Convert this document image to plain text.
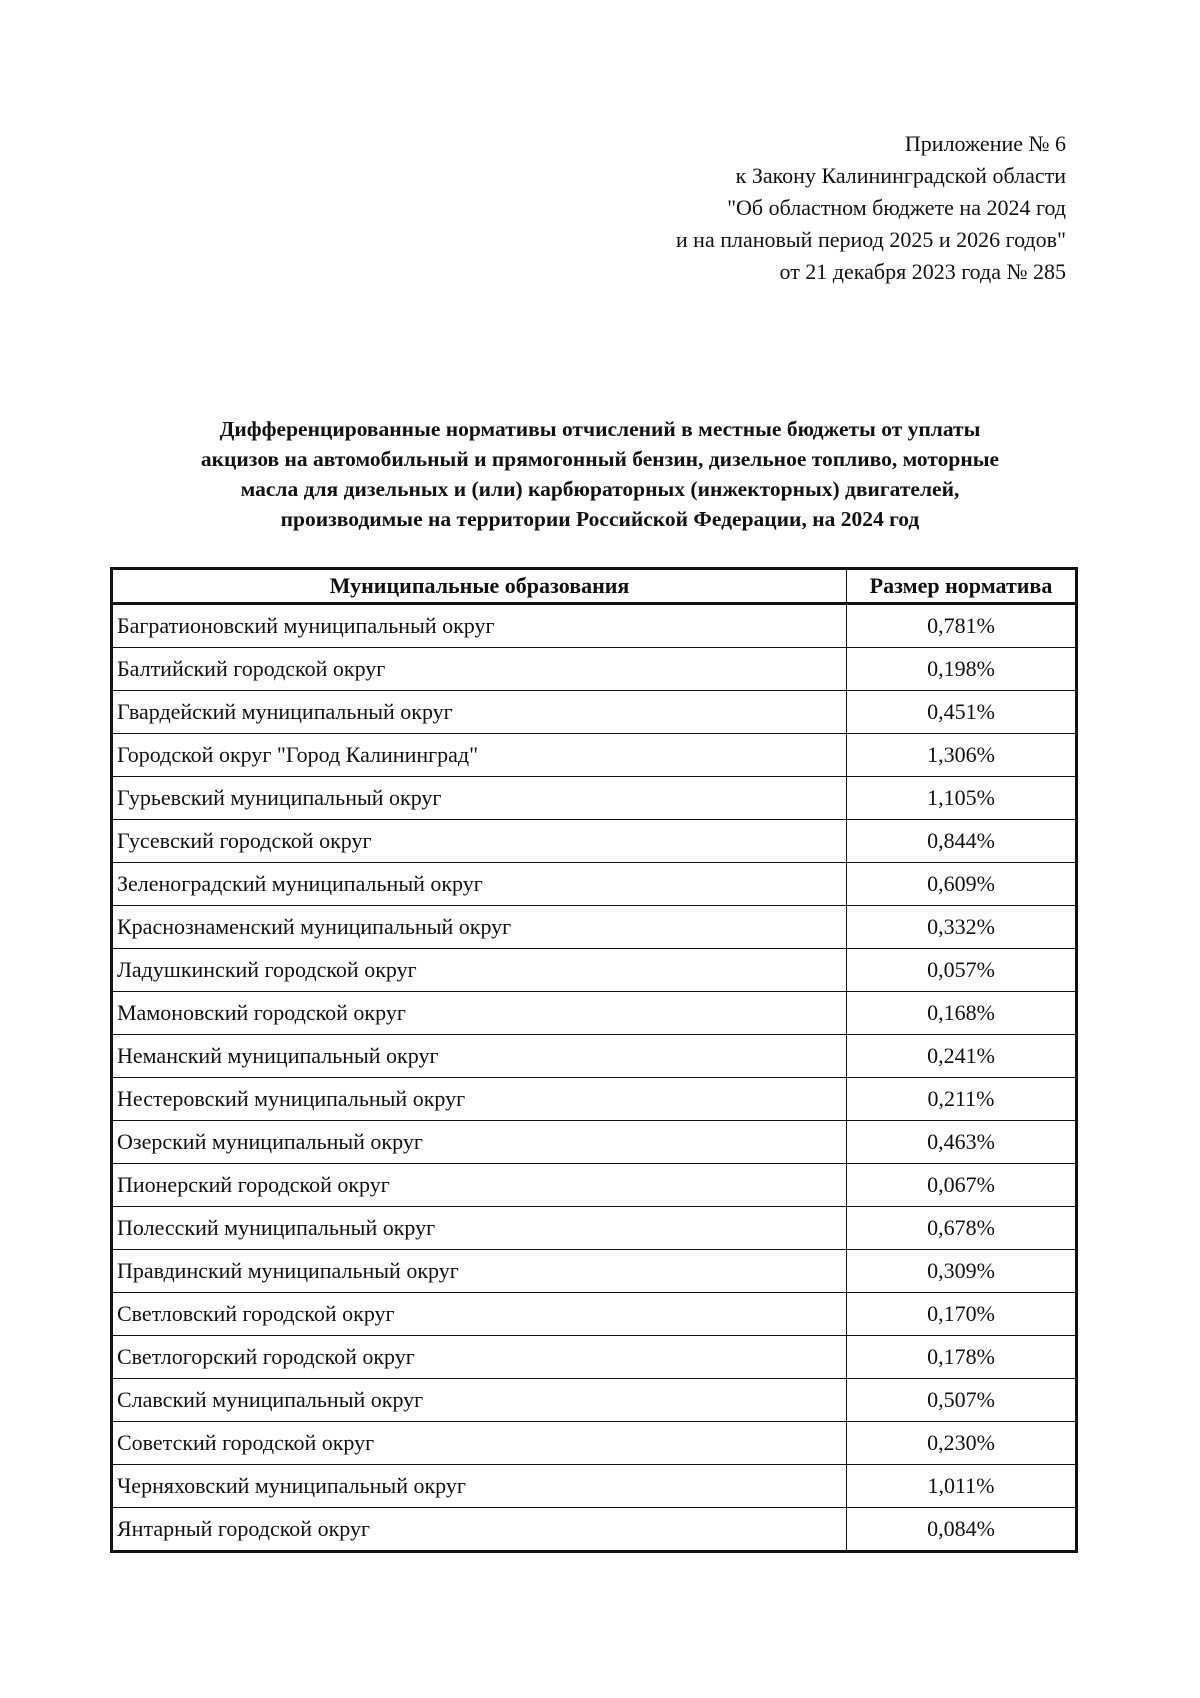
Приложение № 6
к Закону Калининградской области
"Об областном бюджете на 2024 год
и на плановый период 2025 и 2026 годов"
от 21 декабря 2023 года № 285
Дифференцированные нормативы отчислений в местные бюджеты от уплаты
акцизов на автомобильный и прямогонный бензин, дизельное топливо, моторные
масла для дизельных и (или) карбюраторных (инжекторных) двигателей,
производимые на территории Российской Федерации, на 2024 год
Муниципальные образования	Размер норматива
Багратионовский муниципальный округ	0,781%
Балтийский городской округ	0,198%
Гвардейский муниципальный округ	0,451%
Городской округ "Город Калининград"	1,306%
Гурьевский муниципальный округ	1,105%
Гусевский городской округ	0,844%
Зеленоградский муниципальный округ	0,609%
Краснознаменский муниципальный округ	0,332%
Ладушкинский городской округ	0,057%
Мамоновский городской округ	0,168%
Неманский муниципальный округ	0,241%
Нестеровский муниципальный округ	0,211%
Озерский муниципальный округ	0,463%
Пионерский городской округ	0,067%
Полесский муниципальный округ	0,678%
Правдинский муниципальный округ	0,309%
Светловский городской округ	0,170%
Светлогорский городской округ	0,178%
Славский муниципальный округ	0,507%
Советский городской округ	0,230%
Черняховский муниципальный округ	1,011%
Янтарный городской округ	0,084%
